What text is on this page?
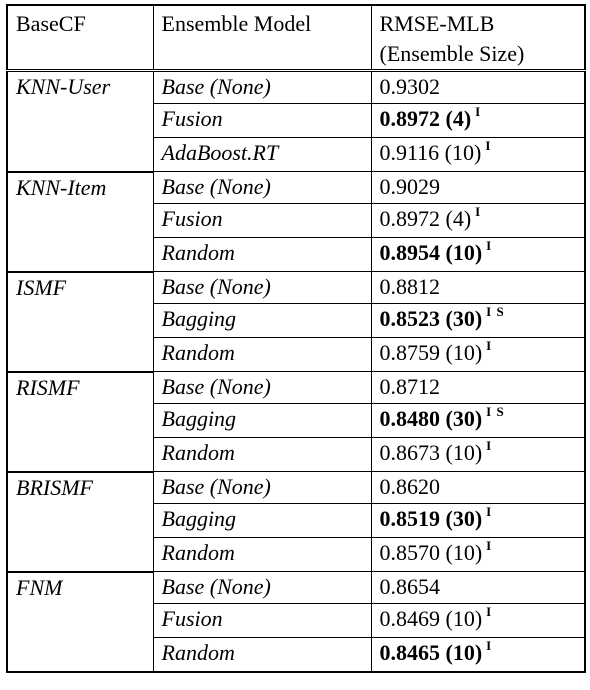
BaseCF	Ensemble Model	RMSE-MLB
(Ensemble Size)

KNN-User	Base (None)	0.9302
	Fusion	0.8972 (4) $^I$
	AdaBoost.RT	0.9116 (10) $^I$
KNN-Item	Base (None)	0.9029
	Fusion	0.8972 (4) $^I$
	Random	0.8954 (10) $^I$
ISMF	Base (None)	0.8812
	Bagging	0.8523 (30) $^{I S}$
	Random	0.8759 (10) $^I$
RISMF	Base (None)	0.8712
	Bagging	0.8480 (30) $^{I S}$
	Random	0.8673 (10) $^I$
BRISMF	Base (None)	0.8620
	Bagging	0.8519 (30) $^I$
	Random	0.8570 (10) $^I$
FNM	Base (None)	0.8654
	Fusion	0.8469 (10) $^I$
	Random	0.8465 (10) $^I$
